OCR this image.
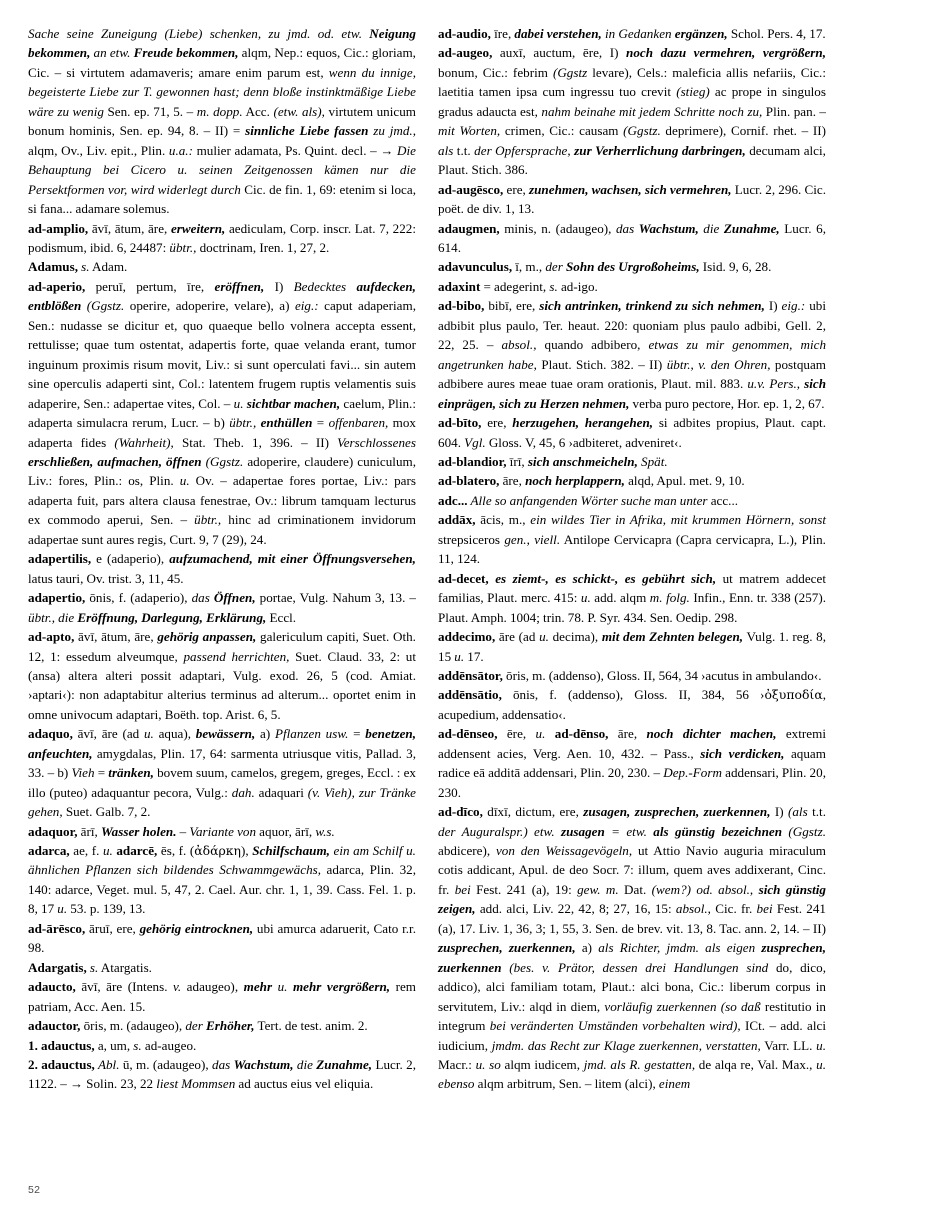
Sache seine Zuneigung (Liebe) schenken, zu jmd. od. etw. Neigung bekommen, an etw. Freude bekommen, alqm, Nep.: equos, Cic.: gloriam, Cic. – si virtutem adamaveris; amare enim parum est, wenn du innige, begeisterte Liebe zur T. gewonnen hast; denn bloße instinktmäßige Liebe wäre zu wenig Sen. ep. 71, 5. – m. dopp. Acc. (etw. als), virtutem unicum bonum hominis, Sen. ep. 94, 8. – II) = sinnliche Liebe fassen zu jmd., alqm, Ov., Liv. epit., Plin. u.a.: mulier adamata, Ps. Quint. decl. – → Die Behauptung bei Cicero u. seinen Zeitgenossen kämen nur die Persektformen vor, wird widerlegt durch Cic. de fin. 1, 69: etenim si loca, si fana... adamare solemus.

ad-amplio, āvī, ātum, āre, erweitern, aediculam, Corp. inscr. Lat. 7, 222: podismum, ibid. 6, 24487: übtr., doctrinam, Iren. 1, 27, 2.

Adamus, s. Adam.

ad-aperio, peruī, pertum, īre, eröffnen, I) Bedecktes aufdecken, entblößen (Ggstz. operire, adoperire, velare), a) eig.: caput adaperiam, Sen.: nudasse se dicitur et, quo quaeque bello volnera accepta essent, rettulisse; quae tum ostentat, adapertis forte, quae velanda erant, tumor inguinum proximis risum movit, Liv.: si sunt operculati favi... sin autem sine operculis adaperti sint, Col.: latentem frugem ruptis velamentis suis adaperire, Sen.: adapertae vites, Col. – u. sichtbar machen, caelum, Plin.: adaperta simulacra rerum, Lucr. – b) übtr., enthüllen = offenbaren, mox adaperta fides (Wahrheit), Stat. Theb. 1, 396. – II) Verschlossenes erschließen, aufmachen, öffnen (Ggstz. adoperire, claudere) cuniculum, Liv.: fores, Plin.: os, Plin. u. Ov. – adapertae fores portae, Liv.: pars adaperta fuit, pars altera clausa fenestrae, Ov.: librum tamquam lecturus ex commodo aperui, Sen. – übtr., hinc ad criminationem invidorum adapertae sunt aures regis, Curt. 9, 7 (29), 24.

adapertilis, e (adaperio), aufzumachend, mit einer Öffnungsversehen, latus tauri, Ov. trist. 3, 11, 45.

adapertio, ōnis, f. (adaperio), das Öffnen, portae, Vulg. Nahum 3, 13. – übtr., die Eröffnung, Darlegung, Erklärung, Eccl.

ad-apto, āvī, ātum, āre, gehörig anpassen, galericulum capiti, Suet. Oth. 12, 1: essedum alveumque, passend herrichten, Suet. Claud. 33, 2: ut (ansa) altera alteri possit adaptari, Vulg. exod. 26, 5 (cod. Amiat. ›aptari‹): non adaptabitur alterius terminus ad alterum... oportet enim in omne univocum adaptari, Boëth. top. Arist. 6, 5.

adaquo, āvī, āre (ad u. aqua), bewässern, a) Pflanzen usw. = benetzen, anfeuchten, amygdalas, Plin. 17, 64: sarmenta utriusque vitis, Pallad. 3, 33. – b) Vieh = tränken, bovem suum, camelos, gregem, greges, Eccl. : ex illo (puteo) adaquantur pecora, Vulg.: dah. adaquari (v. Vieh), zur Tränke gehen, Suet. Galb. 7, 2.

adaquor, ārī, Wasser holen. – Variante von aquor, ārī, w.s.

adarca, ae, f. u. adarcē, ēs, f. (ἀδάρκη), Schilfschaum, ein am Schilf u. ähnlichen Pflanzen sich bildendes Schwammgewächs, adarca, Plin. 32, 140: adarce, Veget. mul. 5, 47, 2. Cael. Aur. chr. 1, 1, 39. Cass. Fel. 1. p. 8, 17 u. 53. p. 139, 13.

ad-ārēsco, āruī, ere, gehörig eintrocknen, ubi amurca adaruerit, Cato r.r. 98.

Adargatis, s. Atargatis.

adaucto, āvī, āre (Intens. v. adaugeo), mehr u. mehr vergrößern, rem patriam, Acc. Aen. 15.

adauctor, ōris, m. (adaugeo), der Erhöher, Tert. de test. anim. 2.

1. adauctus, a, um, s. ad-augeo.

2. adauctus, Abl. ū, m. (adaugeo), das Wachstum, die Zunahme, Lucr. 2, 1122. – → Solin. 23, 22 liest Mommsen ad auctus eius vel eliquia.

ad-audio, īre, dabei verstehen, in Gedanken ergänzen, Schol. Pers. 4, 17.

ad-augeo, auxī, auctum, ēre, I) noch dazu vermehren, vergrößern, bonum, Cic.: febrim (Ggstz levare), Cels.: maleficia allis nefariis, Cic.: laetitia tamen ipsa cum ingressu tuo crevit (stieg) ac prope in singulos gradus adaucta est, nahm beinahe mit jedem Schritte noch zu, Plin. pan. – mit Worten, crimen, Cic.: causam (Ggstz. deprimere), Cornif. rhet. – II) als t.t. der Opfersprache, zur Verherrlichung darbringen, decumam alci, Plaut. Stich. 386.

ad-augēsco, ere, zunehmen, wachsen, sich vermehren, Lucr. 2, 296. Cic. poët. de div. 1, 13.

adaugmen, minis, n. (adaugeo), das Wachstum, die Zunahme, Lucr. 6, 614.

adavunculus, ī, m., der Sohn des Urgroßoheims, Isid. 9, 6, 28.

adaxint = adegerint, s. ad-igo.

ad-bibo, bibī, ere, sich antrinken, trinkend zu sich nehmen, I) eig.: ubi adbibit plus paulo, Ter. heaut. 220: quoniam plus paulo adbibi, Gell. 2, 22, 25. – absol., quando adbibero, etwas zu mir genommen, mich angetrunken habe, Plaut. Stich. 382. – II) übtr., v. den Ohren, postquam adbibere aures meae tuae oram orationis, Plaut. mil. 883. u.v. Pers., sich einprägen, sich zu Herzen nehmen, verba puro pectore, Hor. ep. 1, 2, 67.

ad-bīto, ere, herzugehen, herangehen, si adbites propius, Plaut. capt. 604. Vgl. Gloss. V, 45, 6 ›adbiteret, adveniret‹.

ad-blandior, īrī, sich anschmeicheln, Spät.

ad-blatero, āre, noch herplappern, alqd, Apul. met. 9, 10.

adc... Alle so anfangenden Wörter suche man unter acc...

addāx, ācis, m., ein wildes Tier in Afrika, mit krummen Hörnern, sonst strepsiceros gen., viell. Antilope Cervicapra (Capra cervicapra, L.), Plin. 11, 124.

ad-decet, es ziemt-, es schickt-, es gebührt sich, ut matrem addecet familias, Plaut. merc. 415: u. add. alqm m. folg. Infin., Enn. tr. 338 (257). Plaut. Amph. 1004; trin. 78. P. Syr. 434. Sen. Oedip. 298.

addecimo, āre (ad u. decima), mit dem Zehnten belegen, Vulg. 1. reg. 8, 15 u. 17.

addēnsātor, ōris, m. (addenso), Gloss. II, 564, 34 ›acutus in ambulando‹.

addēnsātio, ōnis, f. (addenso), Gloss. II, 384, 56 ›ὀξυποδία, acupedium, addensatio‹.

ad-dēnseo, ēre, u. ad-dēnso, āre, noch dichter machen, extremi addensent acies, Verg. Aen. 10, 432. – Pass., sich verdicken, aquam radice eā additā addensari, Plin. 20, 230. – Dep.-Form addensari, Plin. 20, 230.

ad-dīco, dīxī, dictum, ere, zusagen, zusprechen, zuerkennen, I) (als t.t. der Auguralspr.) etw. zusagen = etw. als günstig bezeichnen (Ggstz. abdicere), von den Weissagevögeln, ut Attio Navio auguria miraculum cotis addicant, Apul. de deo Socr. 7: illum, quem aves addixerant, Cinc. fr. bei Fest. 241 (a), 19: gew. m. Dat. (wem?) od. absol., sich günstig zeigen, add. alci, Liv. 22, 42, 8; 27, 16, 15: absol., Cic. fr. bei Fest. 241 (a), 17. Liv. 1, 36, 3; 1, 55, 3. Sen. de brev. vit. 13, 8. Tac. ann. 2, 14. – II) zusprechen, zuerkennen, a) als Richter, jmdm. als eigen zusprechen, zuerkennen (bes. v. Prätor, dessen drei Handlungen sind do, dico, addico), alci familiam totam, Plaut.: alci bona, Cic.: liberum corpus in servitutem, Liv.: alqd in diem, vorläufig zuerkennen (so daß restitutio in integrum bei veränderten Umständen vorbehalten wird), ICt. – add. alci iudicium, jmdm. das Recht zur Klage zuerkennen, verstatten, Varr. LL. u. Macr.: u. so alqm iudicem, jmd. als R. gestatten, de alqa re, Val. Max., u. ebenso alqm arbitrum, Sen. – litem (alci), einem

52
